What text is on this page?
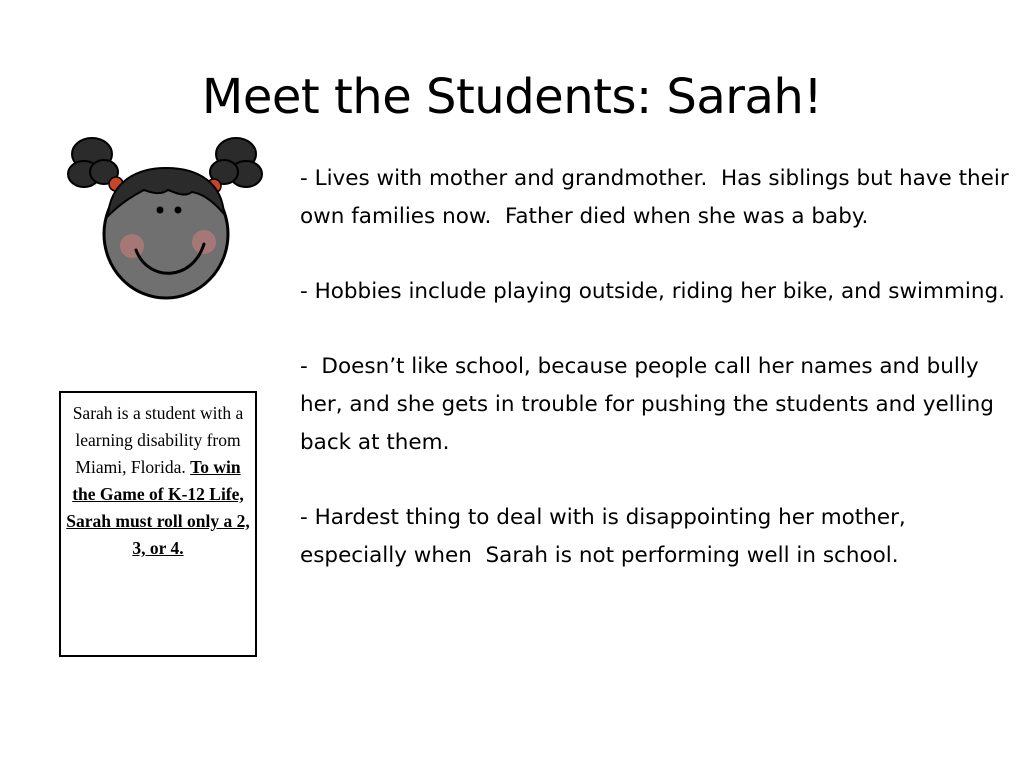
Meet the Students: Sarah!
Sarah is a student with a learning disability from Miami, Florida. To win the Game of K-12 Life, Sarah must roll only a 2, 3, or 4.
- Lives with mother and grandmother.  Has siblings but have their own families now.  Father died when she was a baby.
- Hobbies include playing outside, riding her bike, and swimming.
-  Doesn’t like school, because people call her names and bully her, and she gets in trouble for pushing the students and yelling back at them.
- Hardest thing to deal with is disappointing her mother, especially when  Sarah is not performing well in school.
